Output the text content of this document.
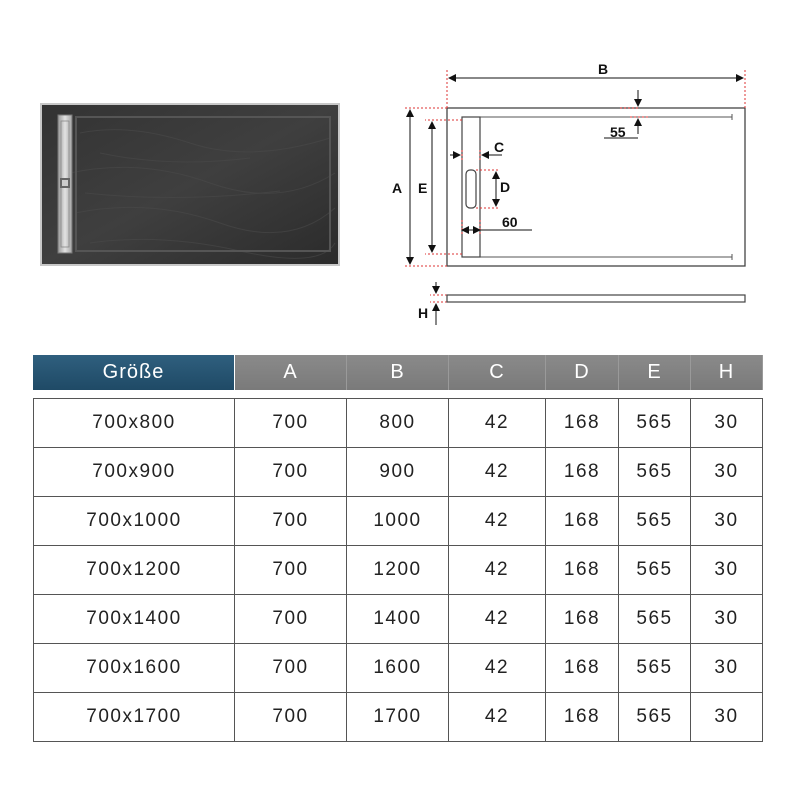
B
A E
55
C
D
60
H
Größe	A	B	C	D	E	H

700x800	700	800	42	168	565	30
700x900	700	900	42	168	565	30
700x1000	700	1000	42	168	565	30
700x1200	700	1200	42	168	565	30
700x1400	700	1400	42	168	565	30
700x1600	700	1600	42	168	565	30
700x1700	700	1700	42	168	565	30
